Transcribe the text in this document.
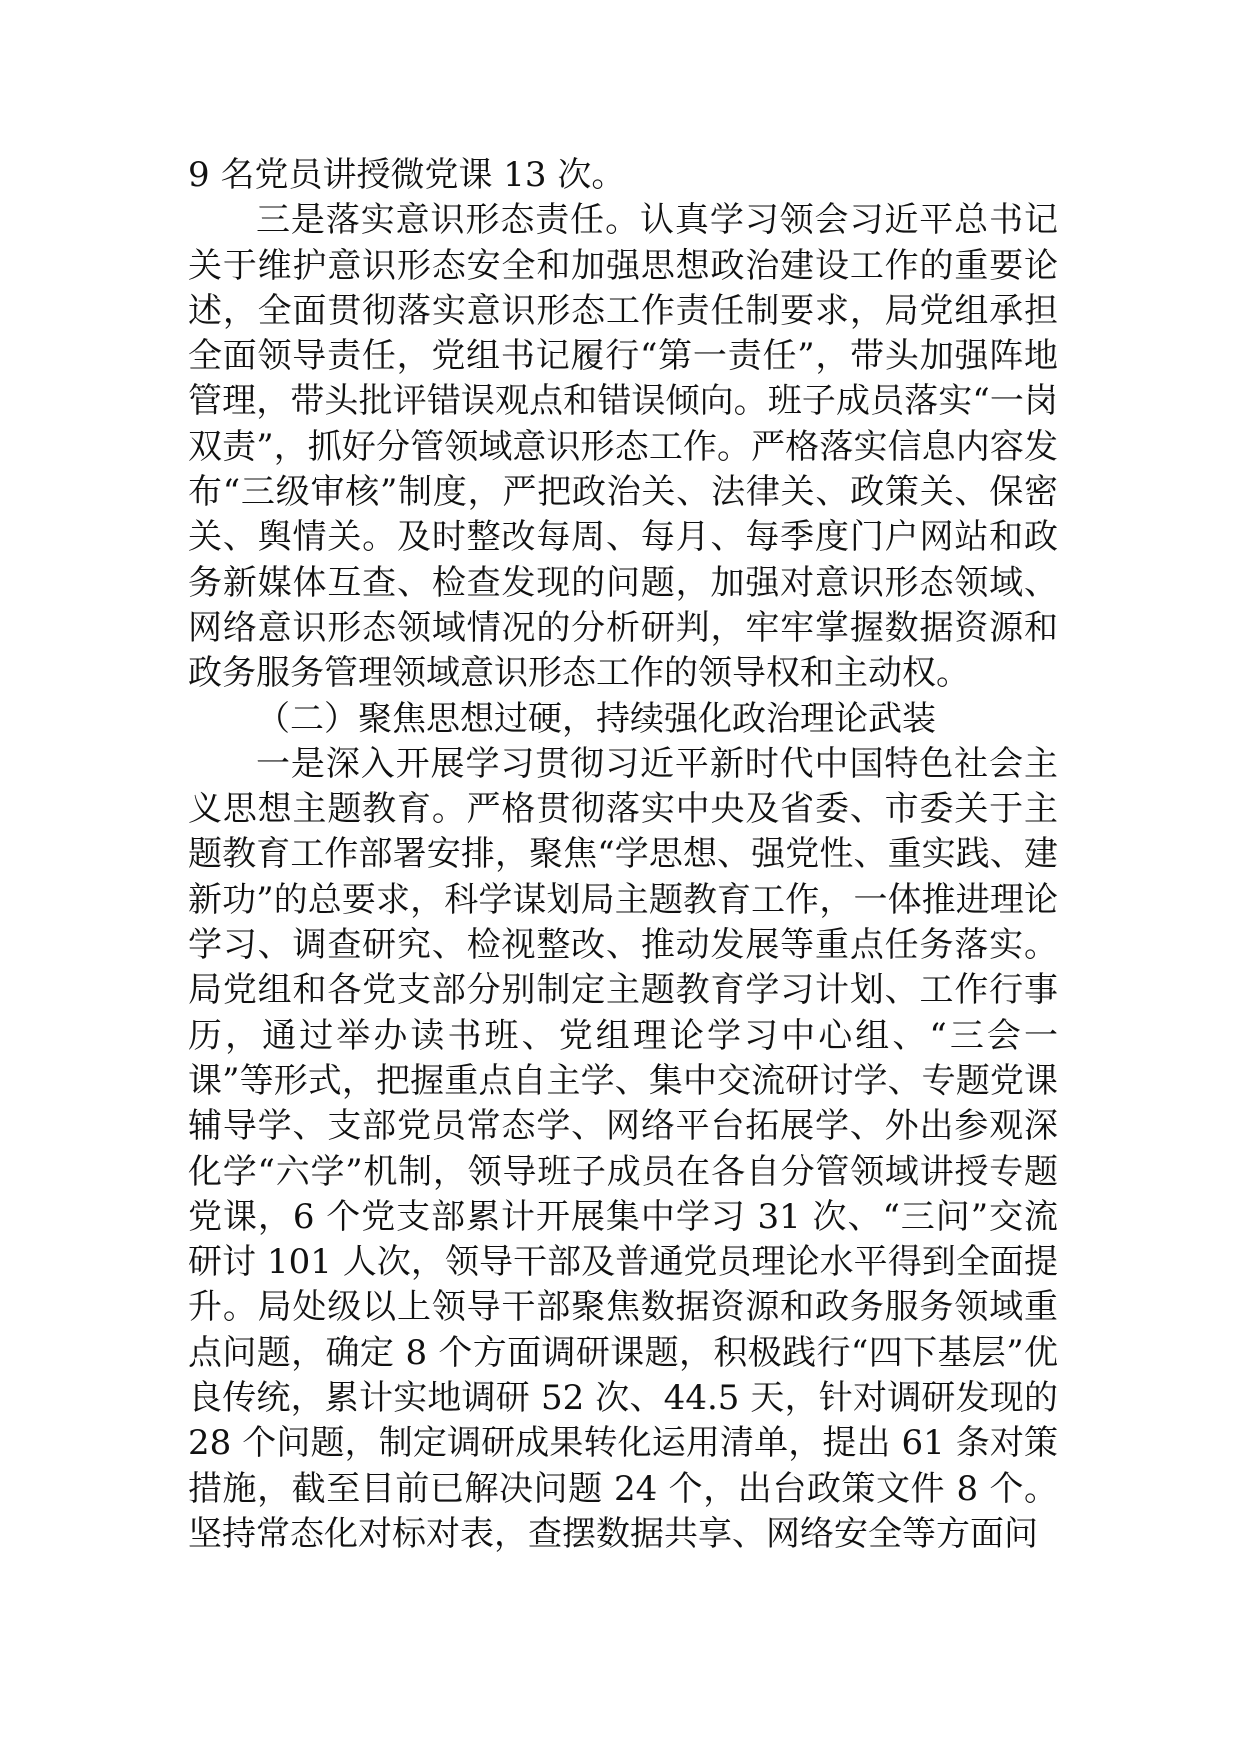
9 名党员讲授微党课 13 次。

三是落实意识形态责任。认真学习领会习近平总书记关于维护意识形态安全和加强思想政治建设工作的重要论述，全面贯彻落实意识形态工作责任制要求，局党组承担全面领导责任，党组书记履行“第一责任”，带头加强阵地管理，带头批评错误观点和错误倾向。班子成员落实“一岗双责”，抓好分管领域意识形态工作。严格落实信息内容发布“三级审核”制度，严把政治关、法律关、政策关、保密关、舆情关。及时整改每周、每月、每季度门户网站和政务新媒体互查、检查发现的问题，加强对意识形态领域、网络意识形态领域情况的分析研判，牢牢掌握数据资源和政务服务管理领域意识形态工作的领导权和主动权。

（二）聚焦思想过硬，持续强化政治理论武装

一是深入开展学习贯彻习近平新时代中国特色社会主义思想主题教育。严格贯彻落实中央及省委、市委关于主题教育工作部署安排，聚焦“学思想、强党性、重实践、建新功”的总要求，科学谋划局主题教育工作，一体推进理论学习、调查研究、检视整改、推动发展等重点任务落实。局党组和各党支部分别制定主题教育学习计划、工作行事历，通过举办读书班、党组理论学习中心组、“三会一课”等形式，把握重点自主学、集中交流研讨学、专题党课辅导学、支部党员常态学、网络平台拓展学、外出参观深化学“六学”机制，领导班子成员在各自分管领域讲授专题党课，6 个党支部累计开展集中学习 31 次、“三问”交流研讨 101 人次，领导干部及普通党员理论水平得到全面提升。局处级以上领导干部聚焦数据资源和政务服务领域重点问题，确定 8 个方面调研课题，积极践行“四下基层”优良传统，累计实地调研 52 次、44.5 天，针对调研发现的 28 个问题，制定调研成果转化运用清单，提出 61 条对策措施，截至目前已解决问题 24 个，出台政策文件 8 个。坚持常态化对标对表，查摆数据共享、网络安全等方面问
